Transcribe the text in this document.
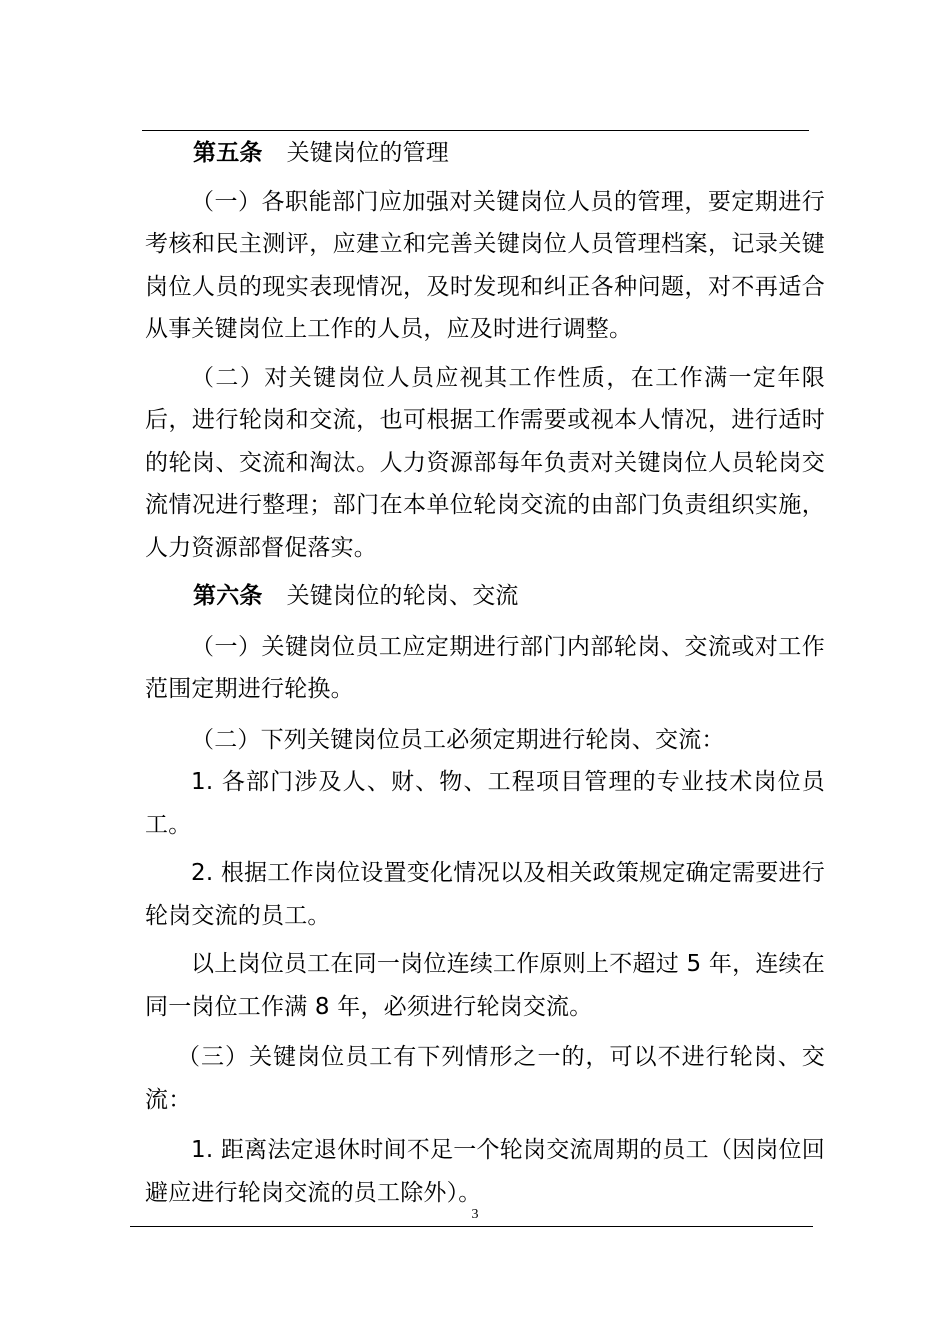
第五条 关键岗位的管理

（一）各职能部门应加强对关键岗位人员的管理，要定期进行考核和民主测评，应建立和完善关键岗位人员管理档案，记录关键岗位人员的现实表现情况，及时发现和纠正各种问题，对不再适合从事关键岗位上工作的人员，应及时进行调整。

（二）对关键岗位人员应视其工作性质，在工作满一定年限后，进行轮岗和交流，也可根据工作需要或视本人情况，进行适时的轮岗、交流和淘汰。人力资源部每年负责对关键岗位人员轮岗交流情况进行整理；部门在本单位轮岗交流的由部门负责组织实施，人力资源部督促落实。

第六条 关键岗位的轮岗、交流

（一）关键岗位员工应定期进行部门内部轮岗、交流或对工作范围定期进行轮换。

（二）下列关键岗位员工必须定期进行轮岗、交流：

1. 各部门涉及人、财、物、工程项目管理的专业技术岗位员工。

2. 根据工作岗位设置变化情况以及相关政策规定确定需要进行轮岗交流的员工。

以上岗位员工在同一岗位连续工作原则上不超过 5 年，连续在同一岗位工作满 8 年，必须进行轮岗交流。

（三）关键岗位员工有下列情形之一的，可以不进行轮岗、交流：

1. 距离法定退休时间不足一个轮岗交流周期的员工（因岗位回避应进行轮岗交流的员工除外）。

3
